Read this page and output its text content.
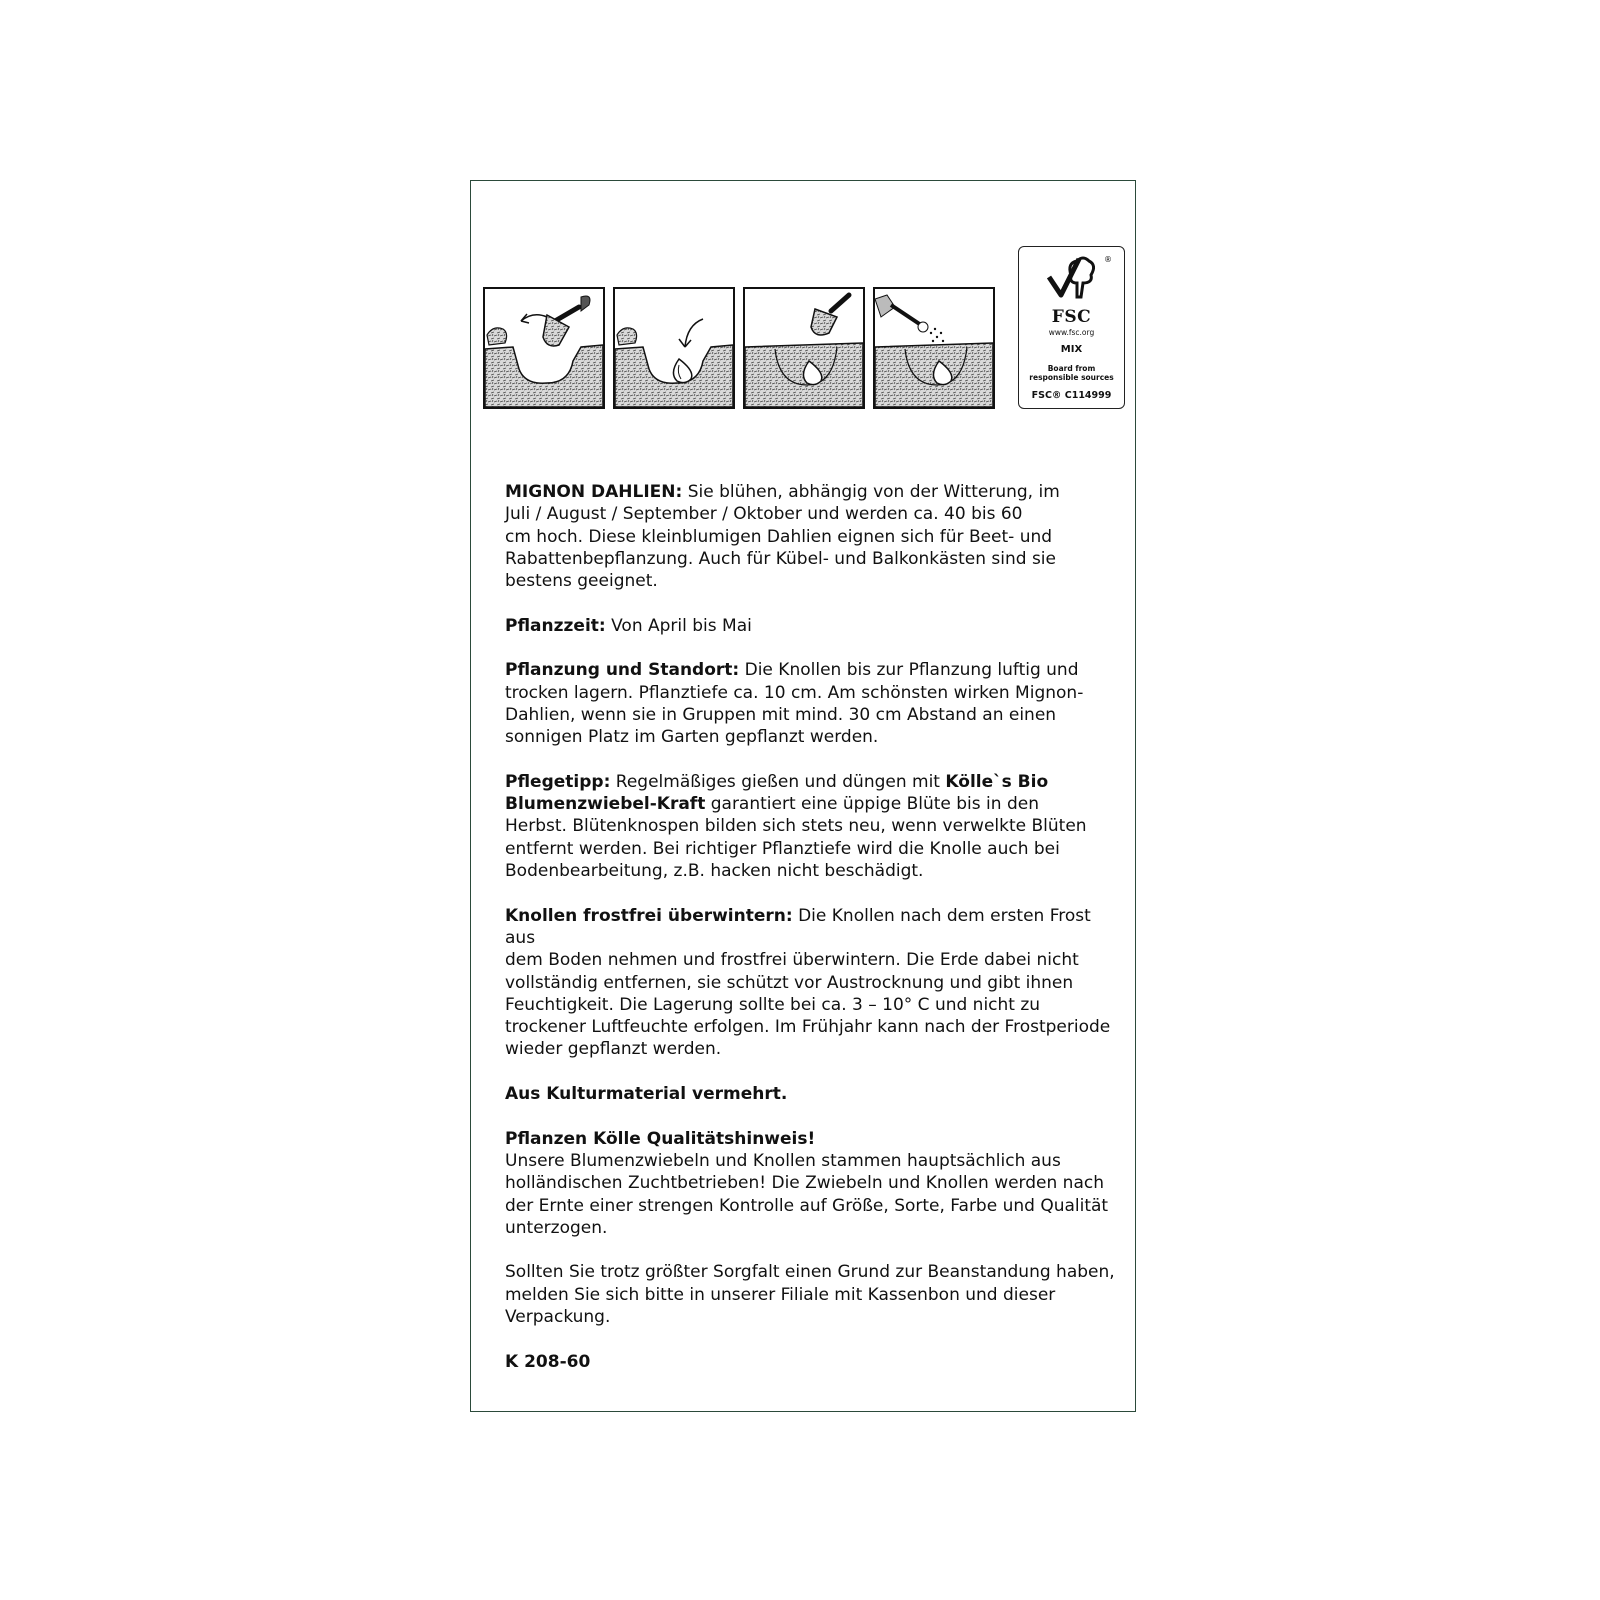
®
FSC
www.fsc.org
MIX
Board from
responsible sources
FSC® C114999

MIGNON DAHLIEN: Sie blühen, abhängig von der Witterung, im
Juli / August / September / Oktober und werden ca. 40 bis 60
cm hoch. Diese kleinblumigen Dahlien eignen sich für Beet- und
Rabattenbepflanzung. Auch für Kübel- und Balkonkästen sind sie
bestens geeignet.

Pflanzzeit: Von April bis Mai

Pflanzung und Standort: Die Knollen bis zur Pflanzung luftig und
trocken lagern. Pflanztiefe ca. 10 cm. Am schönsten wirken Mignon-
Dahlien, wenn sie in Gruppen mit mind. 30 cm Abstand an einen
sonnigen Platz im Garten gepflanzt werden.

Pflegetipp: Regelmäßiges gießen und düngen mit Kölle`s Bio
Blumenzwiebel-Kraft garantiert eine üppige Blüte bis in den
Herbst. Blütenknospen bilden sich stets neu, wenn verwelkte Blüten
entfernt werden. Bei richtiger Pflanztiefe wird die Knolle auch bei
Bodenbearbeitung, z.B. hacken nicht beschädigt.

Knollen frostfrei überwintern: Die Knollen nach dem ersten Frost aus
dem Boden nehmen und frostfrei überwintern. Die Erde dabei nicht
vollständig entfernen, sie schützt vor Austrocknung und gibt ihnen
Feuchtigkeit. Die Lagerung sollte bei ca. 3 – 10° C und nicht zu
trockener Luftfeuchte erfolgen. Im Frühjahr kann nach der Frostperiode
wieder gepflanzt werden.

Aus Kulturmaterial vermehrt.

Pflanzen Kölle Qualitätshinweis!
Unsere Blumenzwiebeln und Knollen stammen hauptsächlich aus
holländischen Zuchtbetrieben! Die Zwiebeln und Knollen werden nach
der Ernte einer strengen Kontrolle auf Größe, Sorte, Farbe und Qualität
unterzogen.

Sollten Sie trotz größter Sorgfalt einen Grund zur Beanstandung haben,
melden Sie sich bitte in unserer Filiale mit Kassenbon und dieser
Verpackung.

K 208-60
